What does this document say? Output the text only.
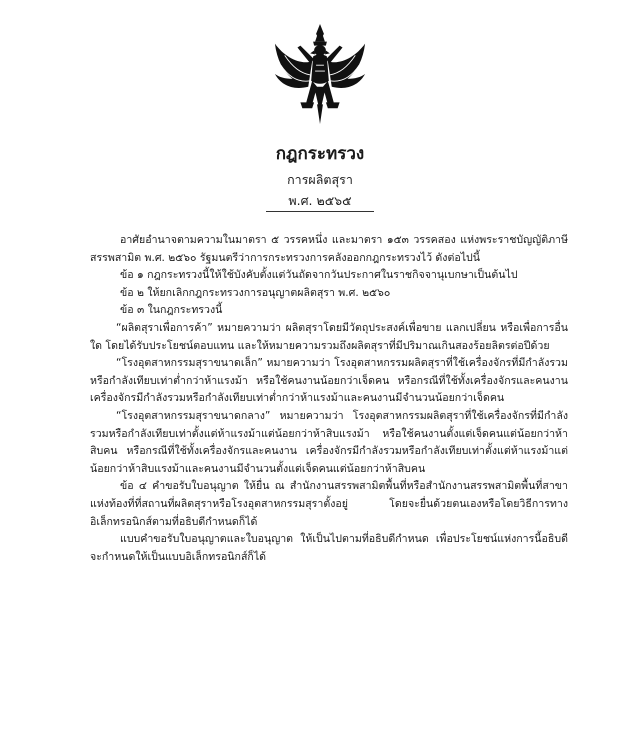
กฎกระทรวง
การผลิตสุรา
พ.ศ. ๒๕๖๕

อาศัยอำนาจตามความในมาตรา ๕ วรรคหนึ่ง และมาตรา ๑๕๓ วรรคสอง แห่งพระราชบัญญัติภาษีสรรพสามิต พ.ศ. ๒๕๖๐ รัฐมนตรีว่าการกระทรวงการคลังออกกฎกระทรวงไว้ ดังต่อไปนี้

ข้อ ๑ กฎกระทรวงนี้ให้ใช้บังคับตั้งแต่วันถัดจากวันประกาศในราชกิจจานุเบกษาเป็นต้นไป

ข้อ ๒ ให้ยกเลิกกฎกระทรวงการอนุญาตผลิตสุรา พ.ศ. ๒๕๖๐

ข้อ ๓ ในกฎกระทรวงนี้

“ผลิตสุราเพื่อการค้า” หมายความว่า ผลิตสุราโดยมีวัตถุประสงค์เพื่อขาย แลกเปลี่ยน หรือเพื่อการอื่นใด โดยได้รับประโยชน์ตอบแทน และให้หมายความรวมถึงผลิตสุราที่มีปริมาณเกินสองร้อยลิตรต่อปีด้วย

“โรงอุตสาหกรรมสุราขนาดเล็ก” หมายความว่า โรงอุตสาหกรรมผลิตสุราที่ใช้เครื่องจักรที่มีกำลังรวมหรือกำลังเทียบเท่าต่ำกว่าห้าแรงม้า หรือใช้คนงานน้อยกว่าเจ็ดคน หรือกรณีที่ใช้ทั้งเครื่องจักรและคนงาน เครื่องจักรมีกำลังรวมหรือกำลังเทียบเท่าต่ำกว่าห้าแรงม้าและคนงานมีจำนวนน้อยกว่าเจ็ดคน

“โรงอุตสาหกรรมสุราขนาดกลาง” หมายความว่า โรงอุตสาหกรรมผลิตสุราที่ใช้เครื่องจักรที่มีกำลังรวมหรือกำลังเทียบเท่าตั้งแต่ห้าแรงม้าแต่น้อยกว่าห้าสิบแรงม้า หรือใช้คนงานตั้งแต่เจ็ดคนแต่น้อยกว่าห้าสิบคน หรือกรณีที่ใช้ทั้งเครื่องจักรและคนงาน เครื่องจักรมีกำลังรวมหรือกำลังเทียบเท่าตั้งแต่ห้าแรงม้าแต่น้อยกว่าห้าสิบแรงม้าและคนงานมีจำนวนตั้งแต่เจ็ดคนแต่น้อยกว่าห้าสิบคน

ข้อ ๔ คำขอรับใบอนุญาต ให้ยื่น ณ สำนักงานสรรพสามิตพื้นที่หรือสำนักงานสรรพสามิตพื้นที่สาขาแห่งท้องที่ที่สถานที่ผลิตสุราหรือโรงอุตสาหกรรมสุราตั้งอยู่ โดยจะยื่นด้วยตนเองหรือโดยวิธีการทางอิเล็กทรอนิกส์ตามที่อธิบดีกำหนดก็ได้

แบบคำขอรับใบอนุญาตและใบอนุญาต ให้เป็นไปตามที่อธิบดีกำหนด เพื่อประโยชน์แห่งการนี้อธิบดีจะกำหนดให้เป็นแบบอิเล็กทรอนิกส์ก็ได้
